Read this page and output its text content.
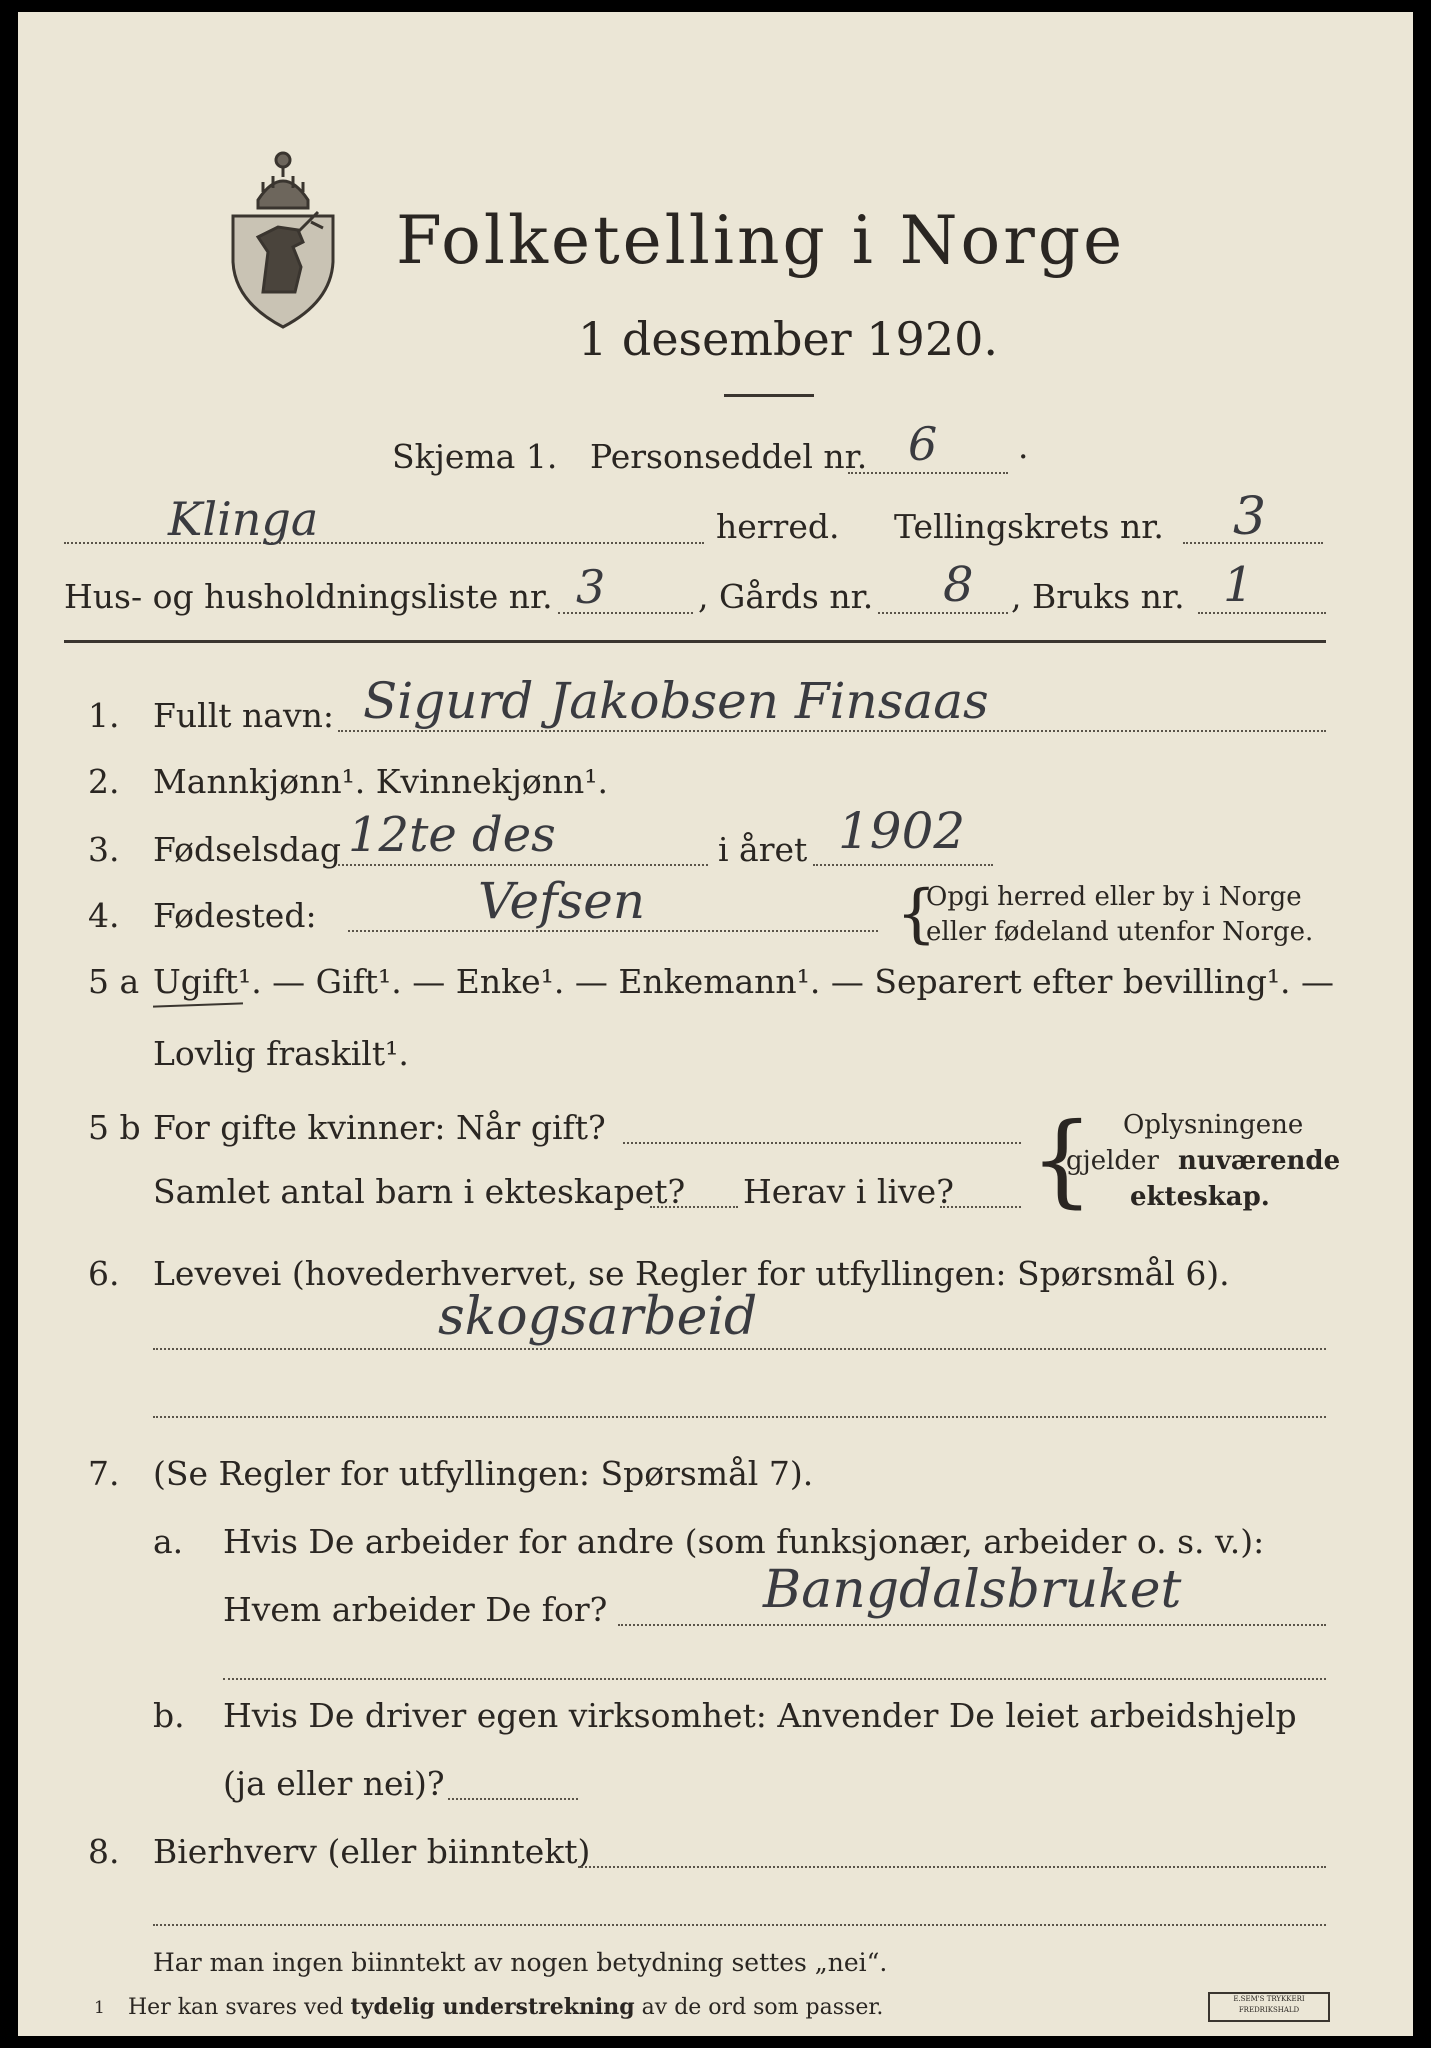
Folketelling i Norge
1 desember 1920.
Skjema 1. Personseddel nr. 6 ·
Klinga	herred. Tellingskrets nr. 3
Hus- og husholdningsliste nr. 3	, Gårds nr. 8 , Bruks nr. 1
1. Fullt navn: Sigurd Jakobsen Finsaas
2. Mannkjønn¹. Kvinnekjønn¹.
3. Fødselsdag 12te des	i året 1902
4. Fødested:	Vefsen	{
Opgi herred eller by i Norge
eller fødeland utenfor Norge.
5 a Ugift¹. — Gift¹. — Enke¹. — Enkemann¹. — Separert efter bevilling¹. —
Lovlig fraskilt¹.
5 b For gifte kvinner: Når gift?
Samlet antal barn i ekteskapet? Herav i live? { Oplysningene
gjelder nuværende
ekteskap.
6. Levevei (hovederhvervet, se Regler for utfyllingen: Spørsmål 6).
skogsarbeid
7. (Se Regler for utfyllingen: Spørsmål 7).
a. Hvis De arbeider for andre (som funksjonær, arbeider o. s. v.):
Hvem arbeider De for?	Bangdalsbruket
b. Hvis De driver egen virksomhet: Anvender De leiet arbeidshjelp
(ja eller nei)?
8. Bierhverv (eller biinntekt)
Har man ingen biinntekt av nogen betydning settes „nei“.
1 Her kan svares ved tydelig understrekning av de ord som passer.	E.SEM'S TRYKKERI
FREDRIKSHALD
